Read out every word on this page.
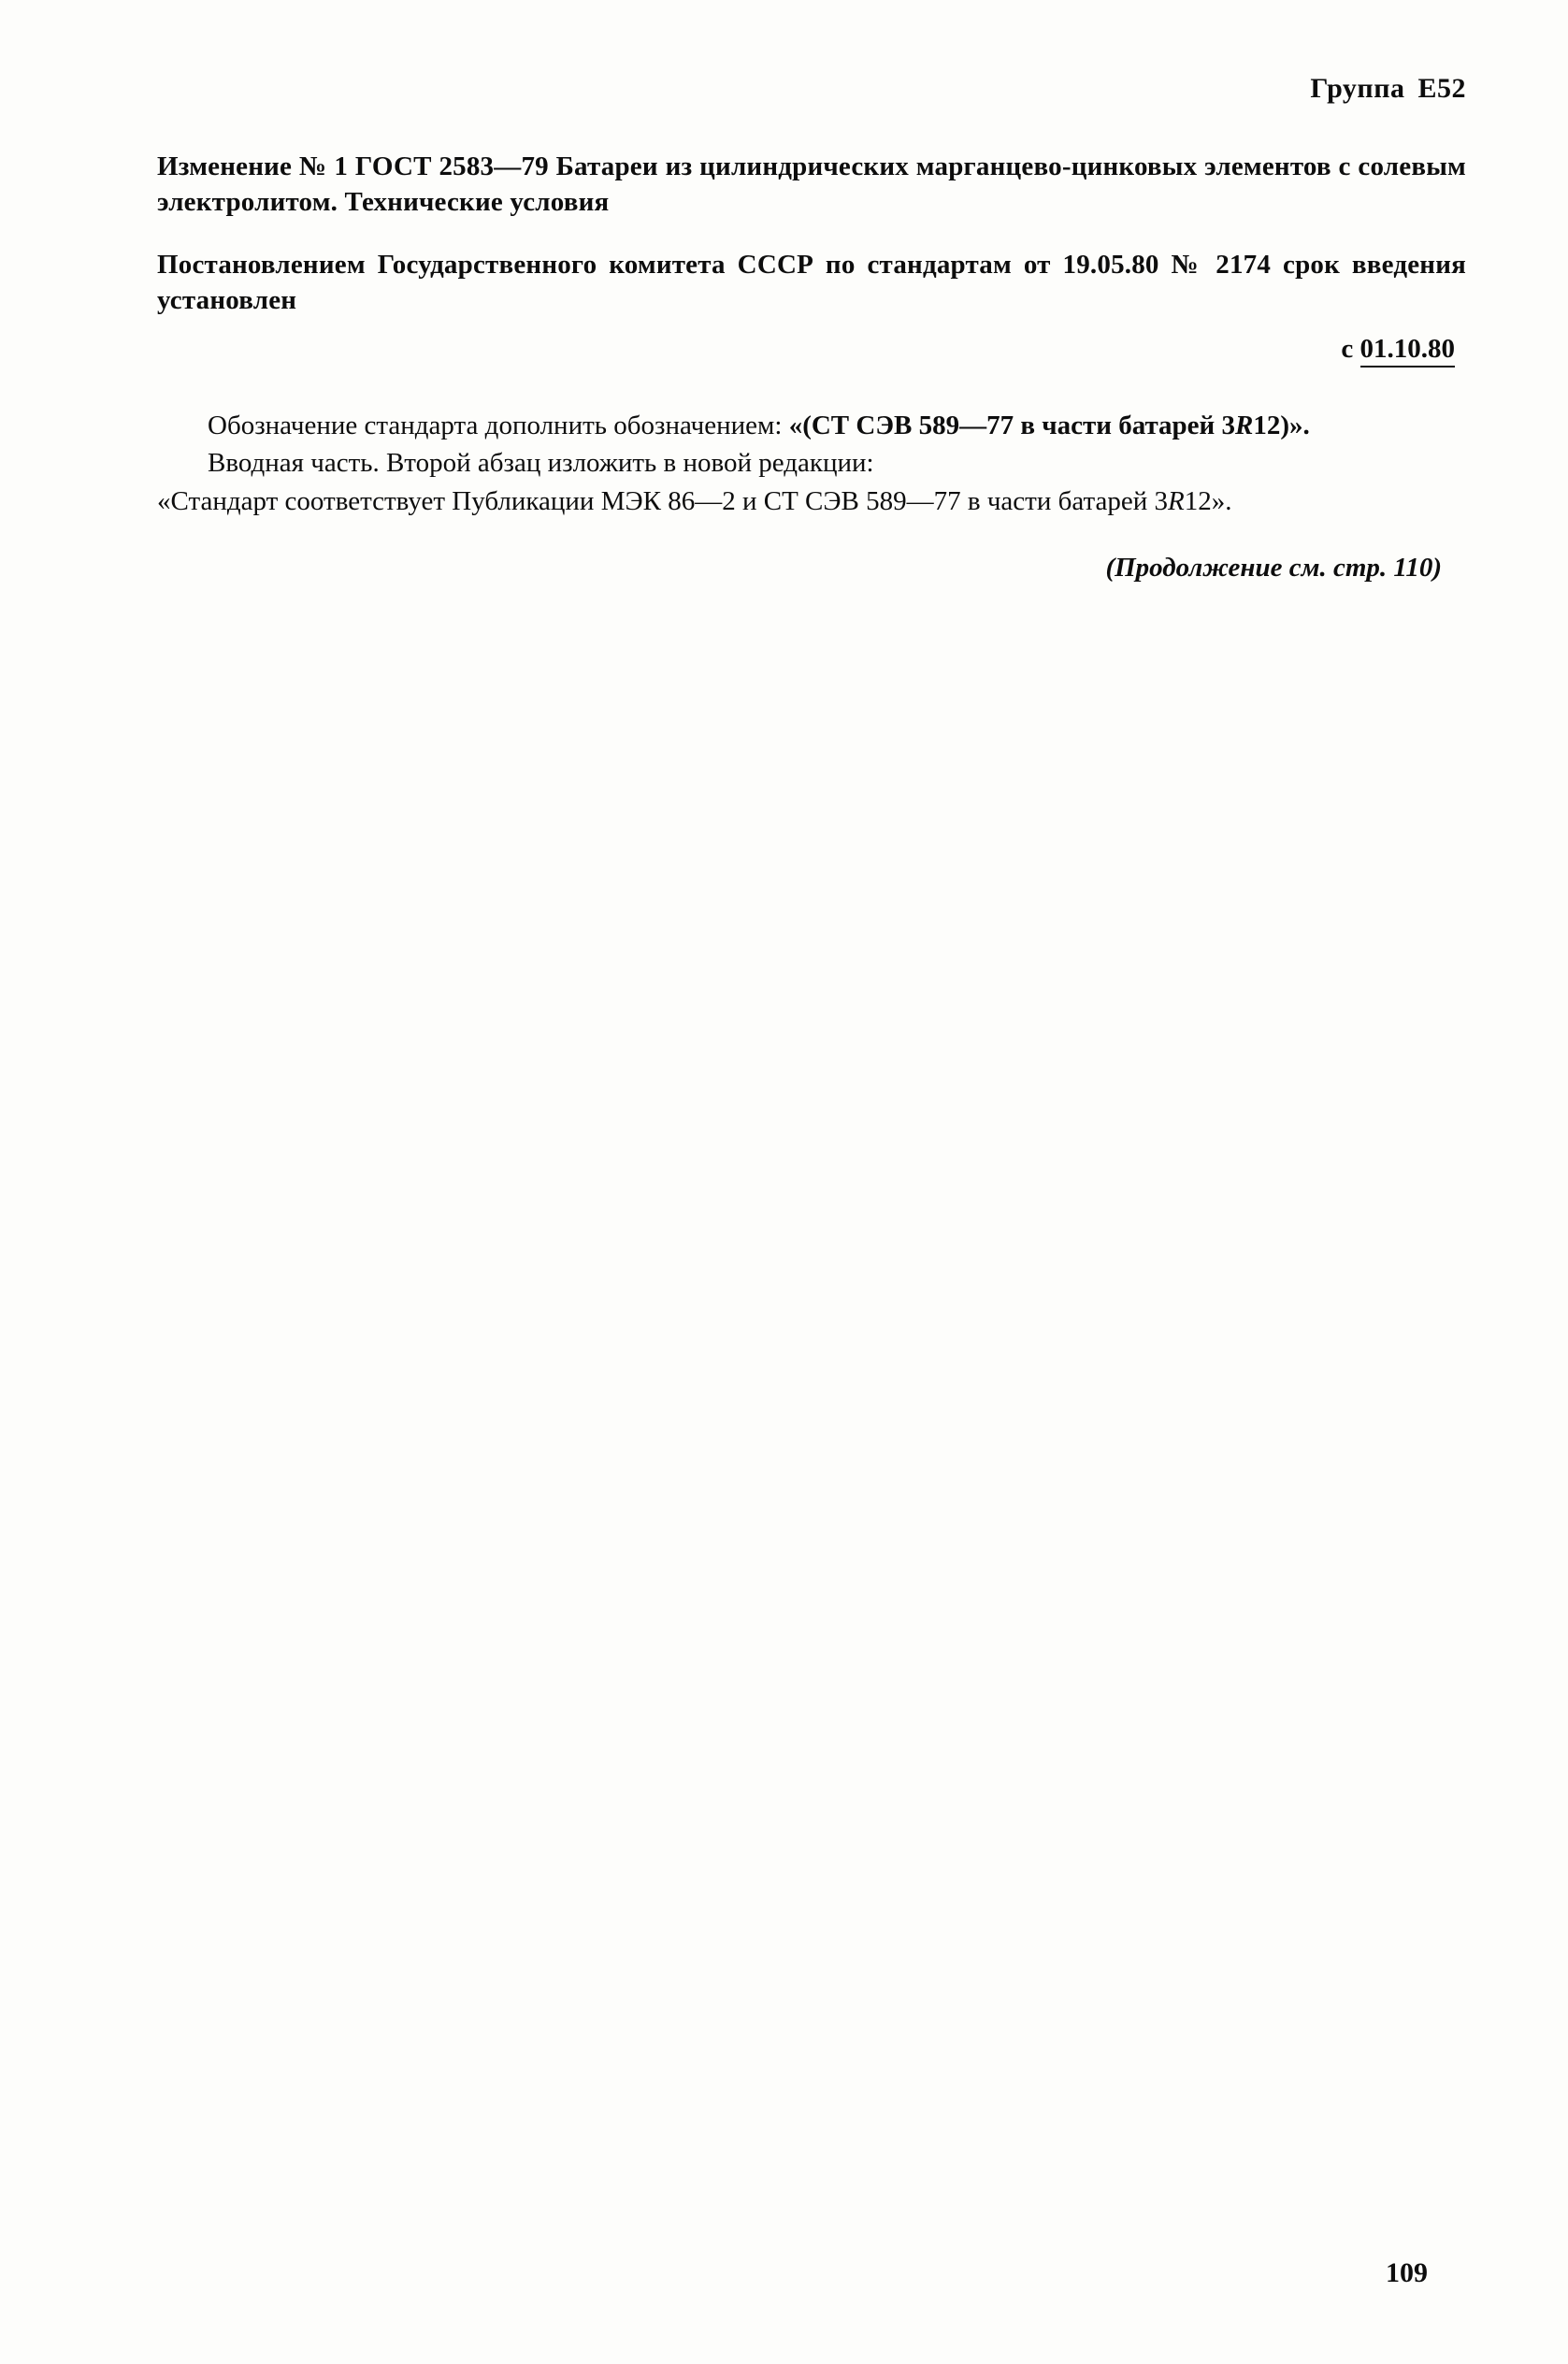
Группа Е52
Изменение № 1 ГОСТ 2583—79 Батареи из цилиндрических марганцево-цинковых элементов с солевым электролитом. Технические условия
Постановлением Государственного комитета СССР по стандартам от 19.05.80 № 2174 срок введения установлен
с 01.10.80

Обозначение стандарта дополнить обозначением: «(СТ СЭВ 589—77 в части батарей 3R12)».

Вводная часть. Второй абзац изложить в новой редакции:

«Стандарт соответствует Публикации МЭК 86—2 и СТ СЭВ 589—77 в части батарей 3R12».

(Продолжение см. стр. 110)
109
